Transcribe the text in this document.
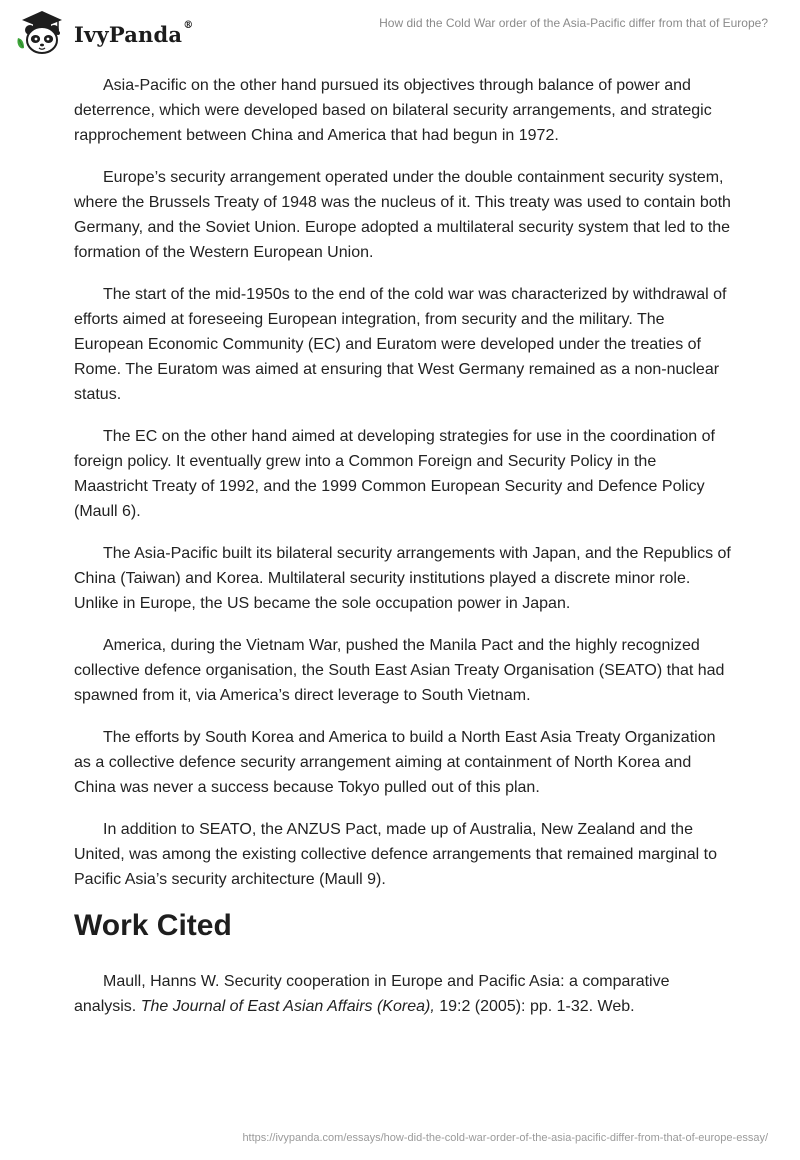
IvyPanda®	How did the Cold War order of the Asia-Pacific differ from that of Europe?

Asia-Pacific on the other hand pursued its objectives through balance of power and deterrence, which were developed based on bilateral security arrangements, and strategic rapprochement between China and America that had begun in 1972.

Europe’s security arrangement operated under the double containment security system, where the Brussels Treaty of 1948 was the nucleus of it. This treaty was used to contain both Germany, and the Soviet Union. Europe adopted a multilateral security system that led to the formation of the Western European Union.

The start of the mid-1950s to the end of the cold war was characterized by withdrawal of efforts aimed at foreseeing European integration, from security and the military. The European Economic Community (EC) and Euratom were developed under the treaties of Rome. The Euratom was aimed at ensuring that West Germany remained as a non-nuclear status.

The EC on the other hand aimed at developing strategies for use in the coordination of foreign policy. It eventually grew into a Common Foreign and Security Policy in the Maastricht Treaty of 1992, and the 1999 Common European Security and Defence Policy (Maull 6).

The Asia-Pacific built its bilateral security arrangements with Japan, and the Republics of China (Taiwan) and Korea. Multilateral security institutions played a discrete minor role. Unlike in Europe, the US became the sole occupation power in Japan.

America, during the Vietnam War, pushed the Manila Pact and the highly recognized collective defence organisation, the South East Asian Treaty Organisation (SEATO) that had spawned from it, via America’s direct leverage to South Vietnam.

The efforts by South Korea and America to build a North East Asia Treaty Organization as a collective defence security arrangement aiming at containment of North Korea and China was never a success because Tokyo pulled out of this plan.

In addition to SEATO, the ANZUS Pact, made up of Australia, New Zealand and the United, was among the existing collective defence arrangements that remained marginal to Pacific Asia’s security architecture (Maull 9).

Work Cited

Maull, Hanns W. Security cooperation in Europe and Pacific Asia: a comparative analysis. The Journal of East Asian Affairs (Korea), 19:2 (2005): pp. 1-32. Web.

https://ivypanda.com/essays/how-did-the-cold-war-order-of-the-asia-pacific-differ-from-that-of-europe-essay/
